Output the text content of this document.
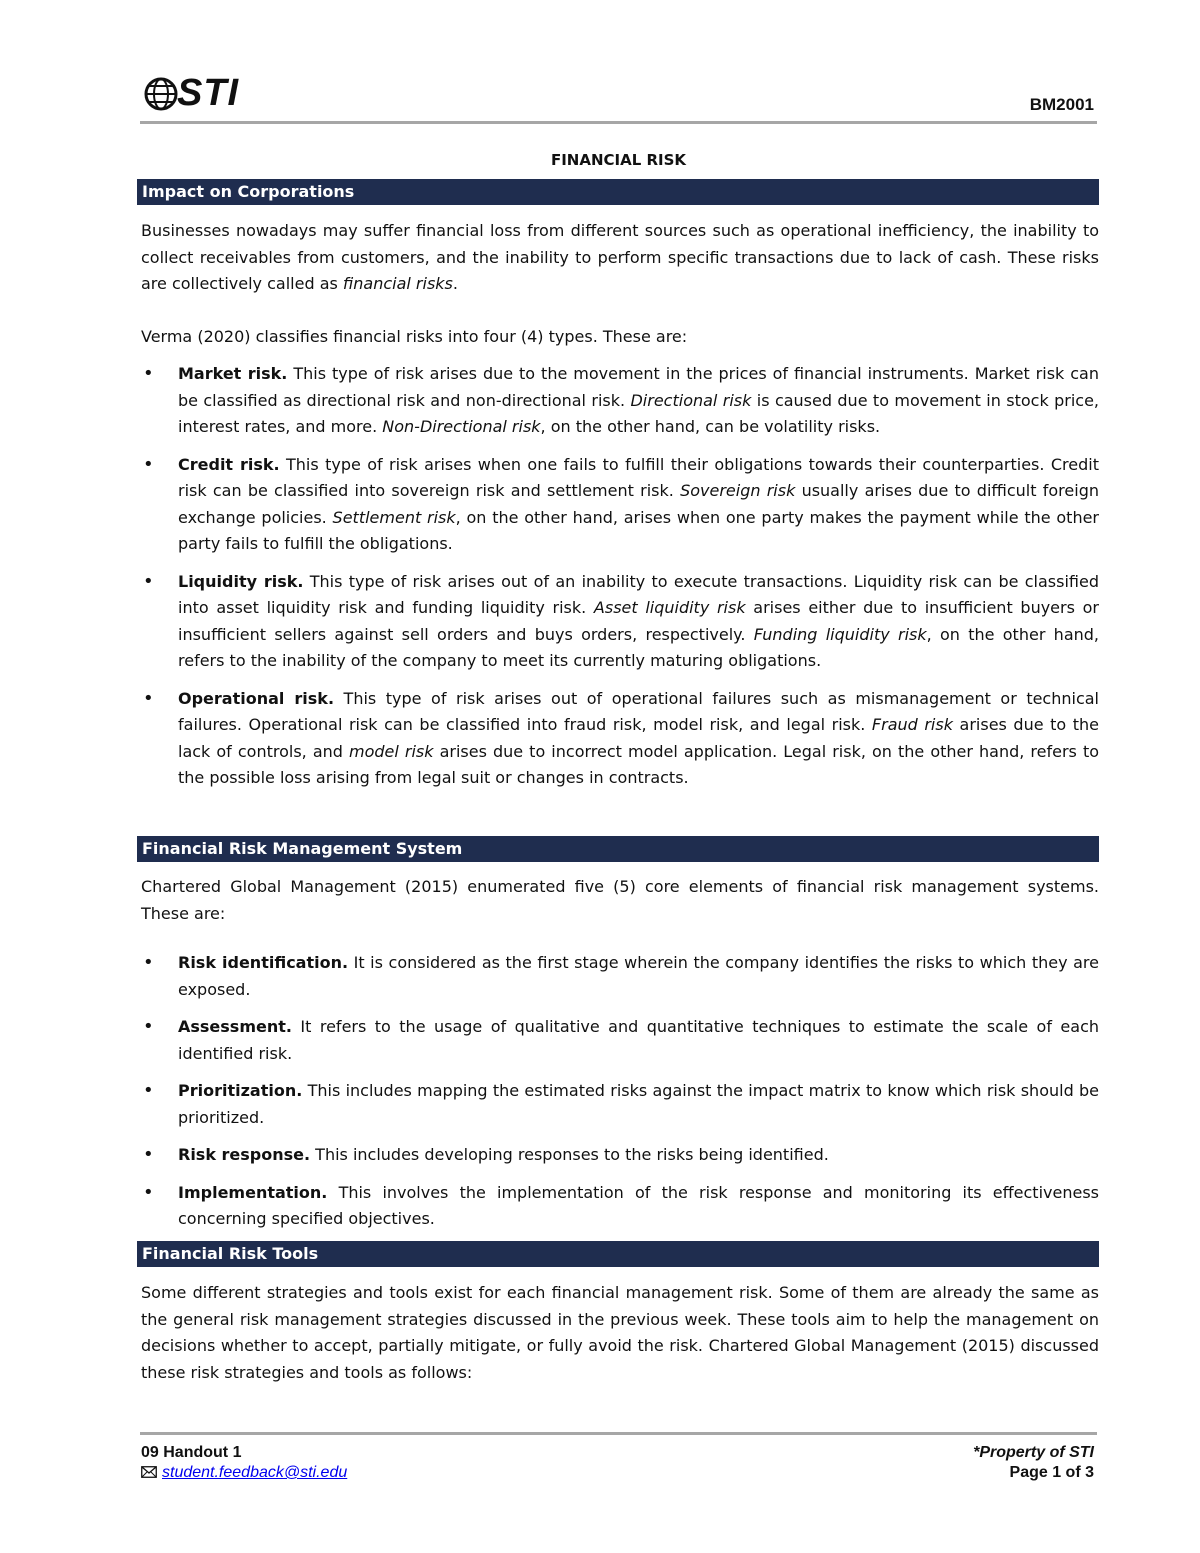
STI	BM2001
FINANCIAL RISK
Impact on Corporations

Businesses nowadays may suffer financial loss from different sources such as operational inefficiency, the inability to collect receivables from customers, and the inability to perform specific transactions due to lack of cash. These risks are collectively called as financial risks.

Verma (2020) classifies financial risks into four (4) types. These are:

• Market risk. This type of risk arises due to the movement in the prices of financial instruments. Market risk can be classified as directional risk and non-directional risk. Directional risk is caused due to movement in stock price, interest rates, and more. Non-Directional risk, on the other hand, can be volatility risks.
• Credit risk. This type of risk arises when one fails to fulfill their obligations towards their counterparties. Credit risk can be classified into sovereign risk and settlement risk. Sovereign risk usually arises due to difficult foreign exchange policies. Settlement risk, on the other hand, arises when one party makes the payment while the other party fails to fulfill the obligations.
• Liquidity risk. This type of risk arises out of an inability to execute transactions. Liquidity risk can be classified into asset liquidity risk and funding liquidity risk. Asset liquidity risk arises either due to insufficient buyers or insufficient sellers against sell orders and buys orders, respectively. Funding liquidity risk, on the other hand, refers to the inability of the company to meet its currently maturing obligations.
• Operational risk. This type of risk arises out of operational failures such as mismanagement or technical failures. Operational risk can be classified into fraud risk, model risk, and legal risk. Fraud risk arises due to the lack of controls, and model risk arises due to incorrect model application. Legal risk, on the other hand, refers to the possible loss arising from legal suit or changes in contracts.
Financial Risk Management System

Chartered Global Management (2015) enumerated five (5) core elements of financial risk management systems. These are:

• Risk identification. It is considered as the first stage wherein the company identifies the risks to which they are exposed.
• Assessment. It refers to the usage of qualitative and quantitative techniques to estimate the scale of each identified risk.
• Prioritization. This includes mapping the estimated risks against the impact matrix to know which risk should be prioritized.
• Risk response. This includes developing responses to the risks being identified.
• Implementation. This involves the implementation of the risk response and monitoring its effectiveness concerning specified objectives.
Financial Risk Tools

Some different strategies and tools exist for each financial management risk. Some of them are already the same as the general risk management strategies discussed in the previous week. These tools aim to help the management on decisions whether to accept, partially mitigate, or fully avoid the risk. Chartered Global Management (2015) discussed these risk strategies and tools as follows:

09 Handout 1
student.feedback@sti.edu
*Property of STI
Page 1 of 3
